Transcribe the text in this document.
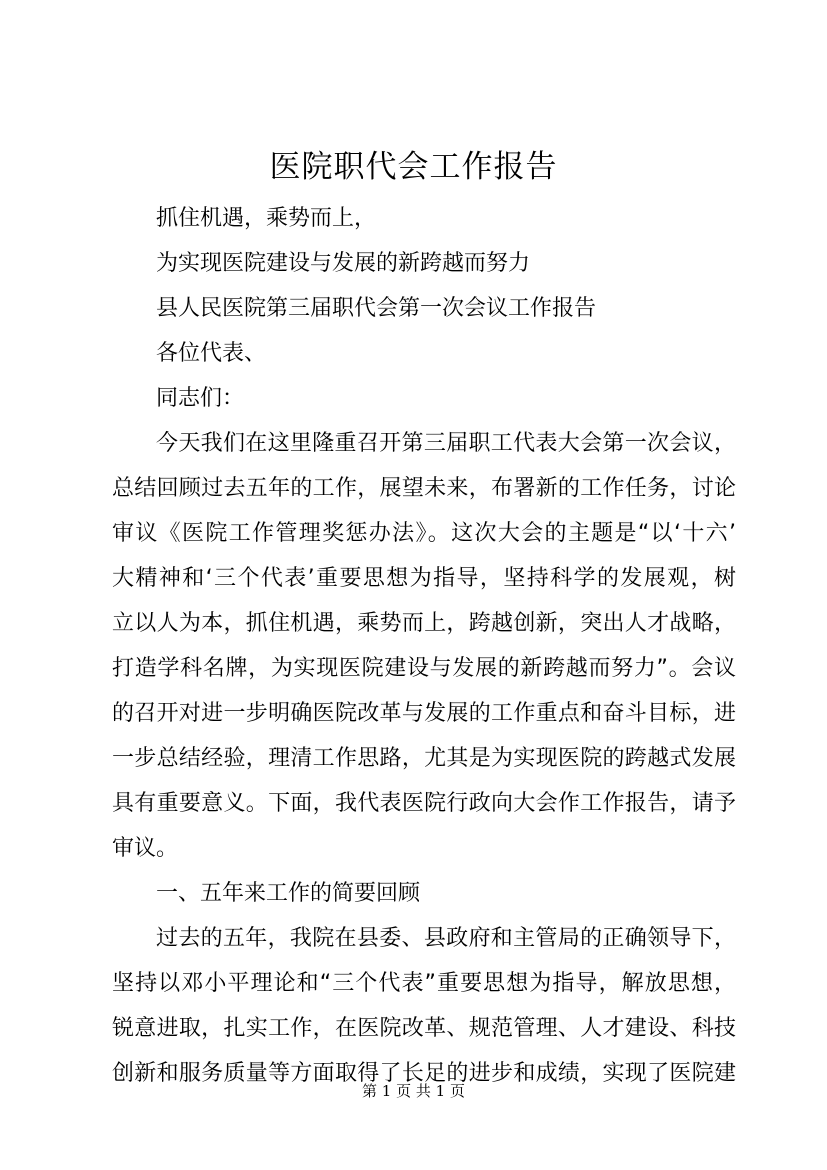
医院职代会工作报告
抓住机遇，乘势而上，
为实现医院建设与发展的新跨越而努力
县人民医院第三届职代会第一次会议工作报告
各位代表、
同志们：
今天我们在这里隆重召开第三届职工代表大会第一次会议，
总结回顾过去五年的工作，展望未来，布署新的工作任务，讨论
审议《医院工作管理奖惩办法》。这次大会的主题是“以‘十六’
大精神和‘三个代表’重要思想为指导，坚持科学的发展观，树
立以人为本，抓住机遇，乘势而上，跨越创新，突出人才战略，
打造学科名牌，为实现医院建设与发展的新跨越而努力”。会议
的召开对进一步明确医院改革与发展的工作重点和奋斗目标，进
一步总结经验，理清工作思路，尤其是为实现医院的跨越式发展
具有重要意义。下面，我代表医院行政向大会作工作报告，请予
审议。
一、五年来工作的简要回顾
过去的五年，我院在县委、县政府和主管局的正确领导下，
坚持以邓小平理论和“三个代表”重要思想为指导，解放思想，
锐意进取，扎实工作，在医院改革、规范管理、人才建设、科技
创新和服务质量等方面取得了长足的进步和成绩，实现了医院建
第 1 页 共 1 页
